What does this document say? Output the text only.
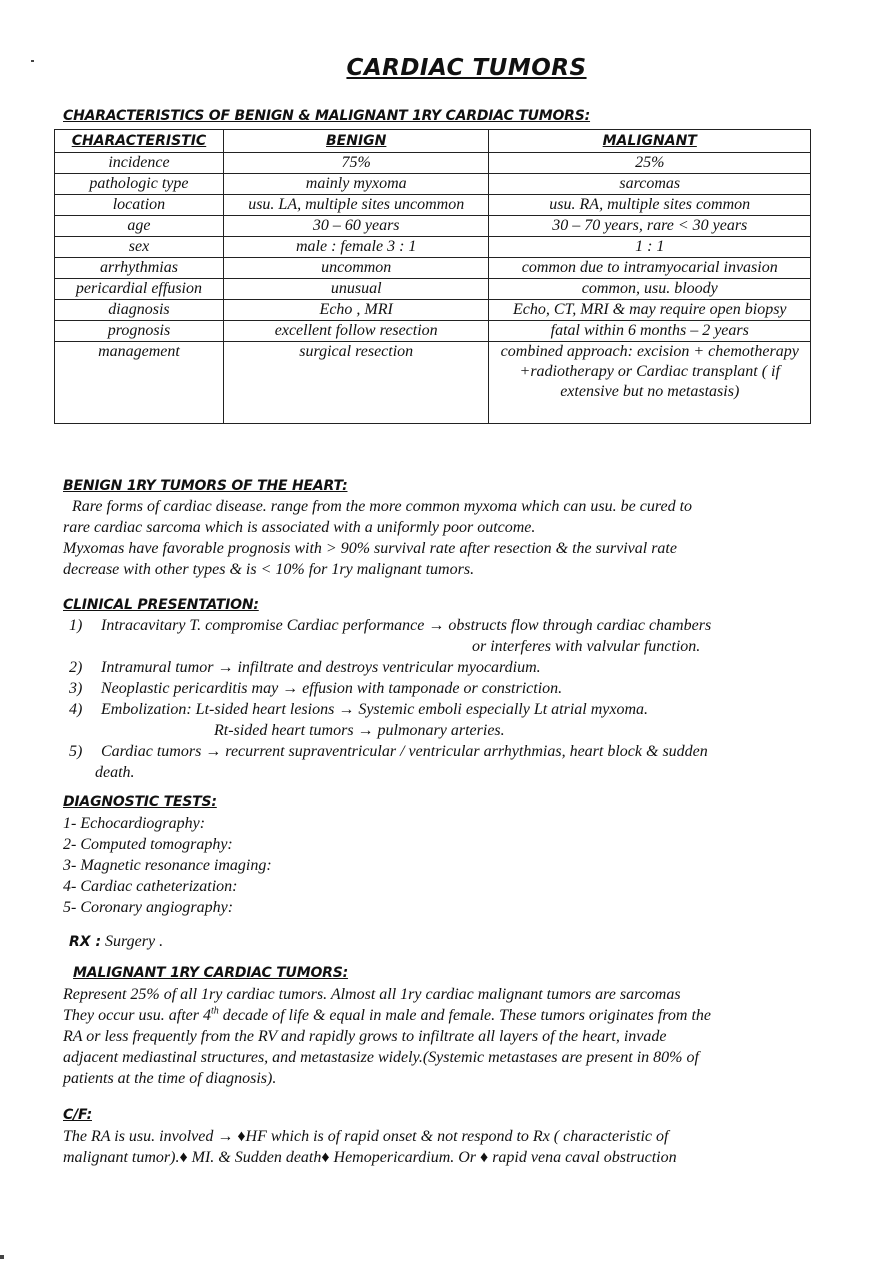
CARDIAC TUMORS
CHARACTERISTICS OF BENIGN & MALIGNANT 1RY CARDIAC TUMORS:
CHARACTERISTIC	BENIGN	MALIGNANT
incidence	75%	25%
pathologic type	mainly myxoma	sarcomas
location	usu. LA, multiple sites uncommon	usu. RA, multiple sites common
age	30 – 60 years	30 – 70 years, rare < 30 years
sex	male : female 3 : 1	1 : 1
arrhythmias	uncommon	common due to intramyocarial invasion
pericardial effusion	unusual	common, usu. bloody
diagnosis	Echo , MRI	Echo, CT, MRI & may require open biopsy
prognosis	excellent follow resection	fatal within 6 months – 2 years
management	surgical resection	combined approach: excision + chemotherapy +radiotherapy or Cardiac transplant ( if extensive but no metastasis)
BENIGN 1RY TUMORS OF THE HEART:
Rare forms of cardiac disease. range from the more common myxoma which can usu. be cured to
rare cardiac sarcoma which is associated with a uniformly poor outcome.
Myxomas have favorable prognosis with > 90% survival rate after resection & the survival rate
decrease with other types & is < 10% for 1ry malignant tumors.
CLINICAL PRESENTATION:
1) Intracavitary T. compromise Cardiac performance → obstructs flow through cardiac chambers
or interferes with valvular function.
2) Intramural tumor → infiltrate and destroys ventricular myocardium.
3) Neoplastic pericarditis may → effusion with tamponade or constriction.
4) Embolization: Lt-sided heart lesions → Systemic emboli especially Lt atrial myxoma.
Rt-sided heart tumors → pulmonary arteries.
5) Cardiac tumors → recurrent supraventricular / ventricular arrhythmias, heart block & sudden
death.
DIAGNOSTIC TESTS:
1- Echocardiography:
2- Computed tomography:
3- Magnetic resonance imaging:
4- Cardiac catheterization:
5- Coronary angiography:
RX : Surgery .
MALIGNANT 1RY CARDIAC TUMORS:
Represent 25% of all 1ry cardiac tumors. Almost all 1ry cardiac malignant tumors are sarcomas
They occur usu. after 4th decade of life & equal in male and female. These tumors originates from the
RA or less frequently from the RV and rapidly grows to infiltrate all layers of the heart, invade
adjacent mediastinal structures, and metastasize widely.(Systemic metastases are present in 80% of
patients at the time of diagnosis).
C/F:
The RA is usu. involved → ♦HF which is of rapid onset & not respond to Rx ( characteristic of
malignant tumor).♦ MI. & Sudden death♦ Hemopericardium. Or ♦ rapid vena caval obstruction
